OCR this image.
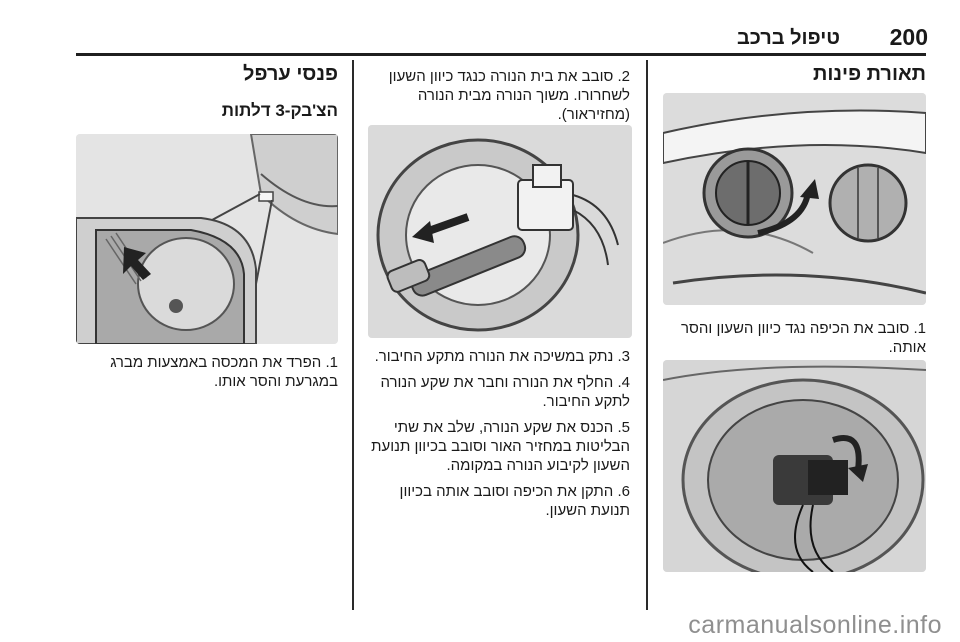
200
טיפול ברכב
תאורת פינות

1. סובב את הכיפה נגד כיוון השעון והסר אותה.

2. סובב את בית הנורה כנגד כיוון השעון לשחרורו. משוך הנורה מבית הנורה (מחזיראור).

3. נתק במשיכה את הנורה מתקע החיבור.

4. החלף את הנורה וחבר את שקע הנורה לתקע החיבור.

5. הכנס את שקע הנורה, שלב את שתי הבליטות במחזיר האור וסובב בכיוון תנועת השעון לקיבוע הנורה במקומה.

6. התקן את הכיפה וסובב אותה בכיוון תנועת השעון.

פנסי ערפל
הצ'בק-3 דלתות

1. הפרד את המכסה באמצעות מברג במגרעת והסר אותו.

carmanualsonline.info
